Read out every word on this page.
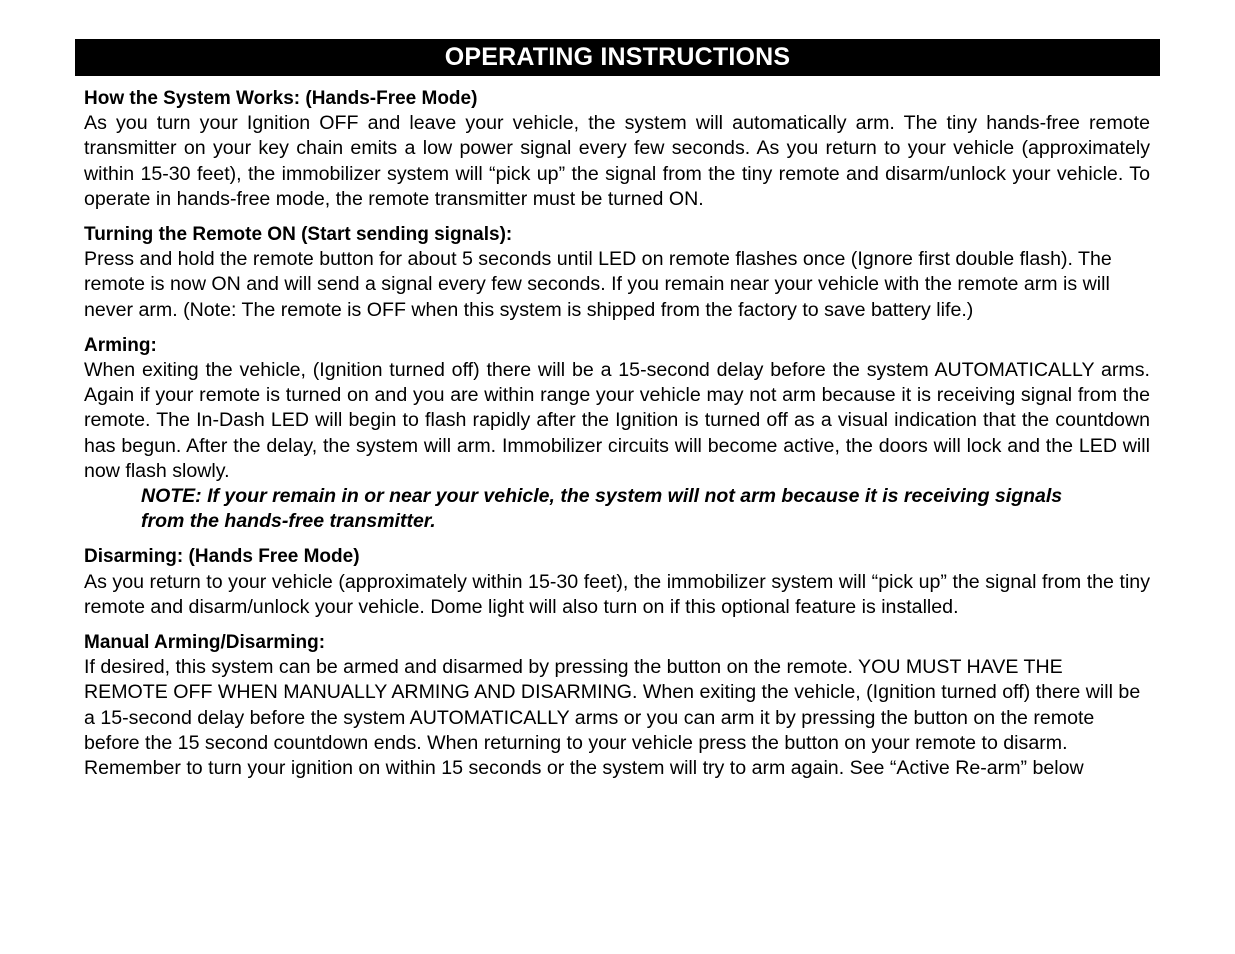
OPERATING INSTRUCTIONS

How the System Works: (Hands-Free Mode)

As you turn your Ignition OFF and leave your vehicle, the system will automatically arm. The tiny hands-free remote transmitter on your key chain emits a low power signal every few seconds. As you return to your vehicle (approximately within 15-30 feet), the immobilizer system will “pick up” the signal from the tiny remote and disarm/unlock your vehicle. To operate in hands-free mode, the remote transmitter must be turned ON.

Turning the Remote ON (Start sending signals):

Press and hold the remote button for about 5 seconds until LED on remote flashes once (Ignore first double flash). The remote is now ON and will send a signal every few seconds. If you remain near your vehicle with the remote arm is will never arm. (Note: The remote is OFF when this system is shipped from the factory to save battery life.)

Arming:

When exiting the vehicle, (Ignition turned off) there will be a 15-second delay before the system AUTOMATICALLY arms. Again if your remote is turned on and you are within range your vehicle may not arm because it is receiving signal from the remote. The In-Dash LED will begin to flash rapidly after the Ignition is turned off as a visual indication that the countdown has begun. After the delay, the system will arm. Immobilizer circuits will become active, the doors will lock and the LED will now flash slowly.

NOTE: If your remain in or near your vehicle, the system will not arm because it is receiving signals from the hands-free transmitter.

Disarming: (Hands Free Mode)

As you return to your vehicle (approximately within 15-30 feet), the immobilizer system will “pick up” the signal from the tiny remote and disarm/unlock your vehicle. Dome light will also turn on if this optional feature is installed.

Manual Arming/Disarming:

If desired, this system can be armed and disarmed by pressing the button on the remote. YOU MUST HAVE THE REMOTE OFF WHEN MANUALLY ARMING AND DISARMING. When exiting the vehicle, (Ignition turned off) there will be a 15-second delay before the system AUTOMATICALLY arms or you can arm it by pressing the button on the remote before the 15 second countdown ends. When returning to your vehicle press the button on your remote to disarm. Remember to turn your ignition on within 15 seconds or the system will try to arm again. See “Active Re-arm” below
